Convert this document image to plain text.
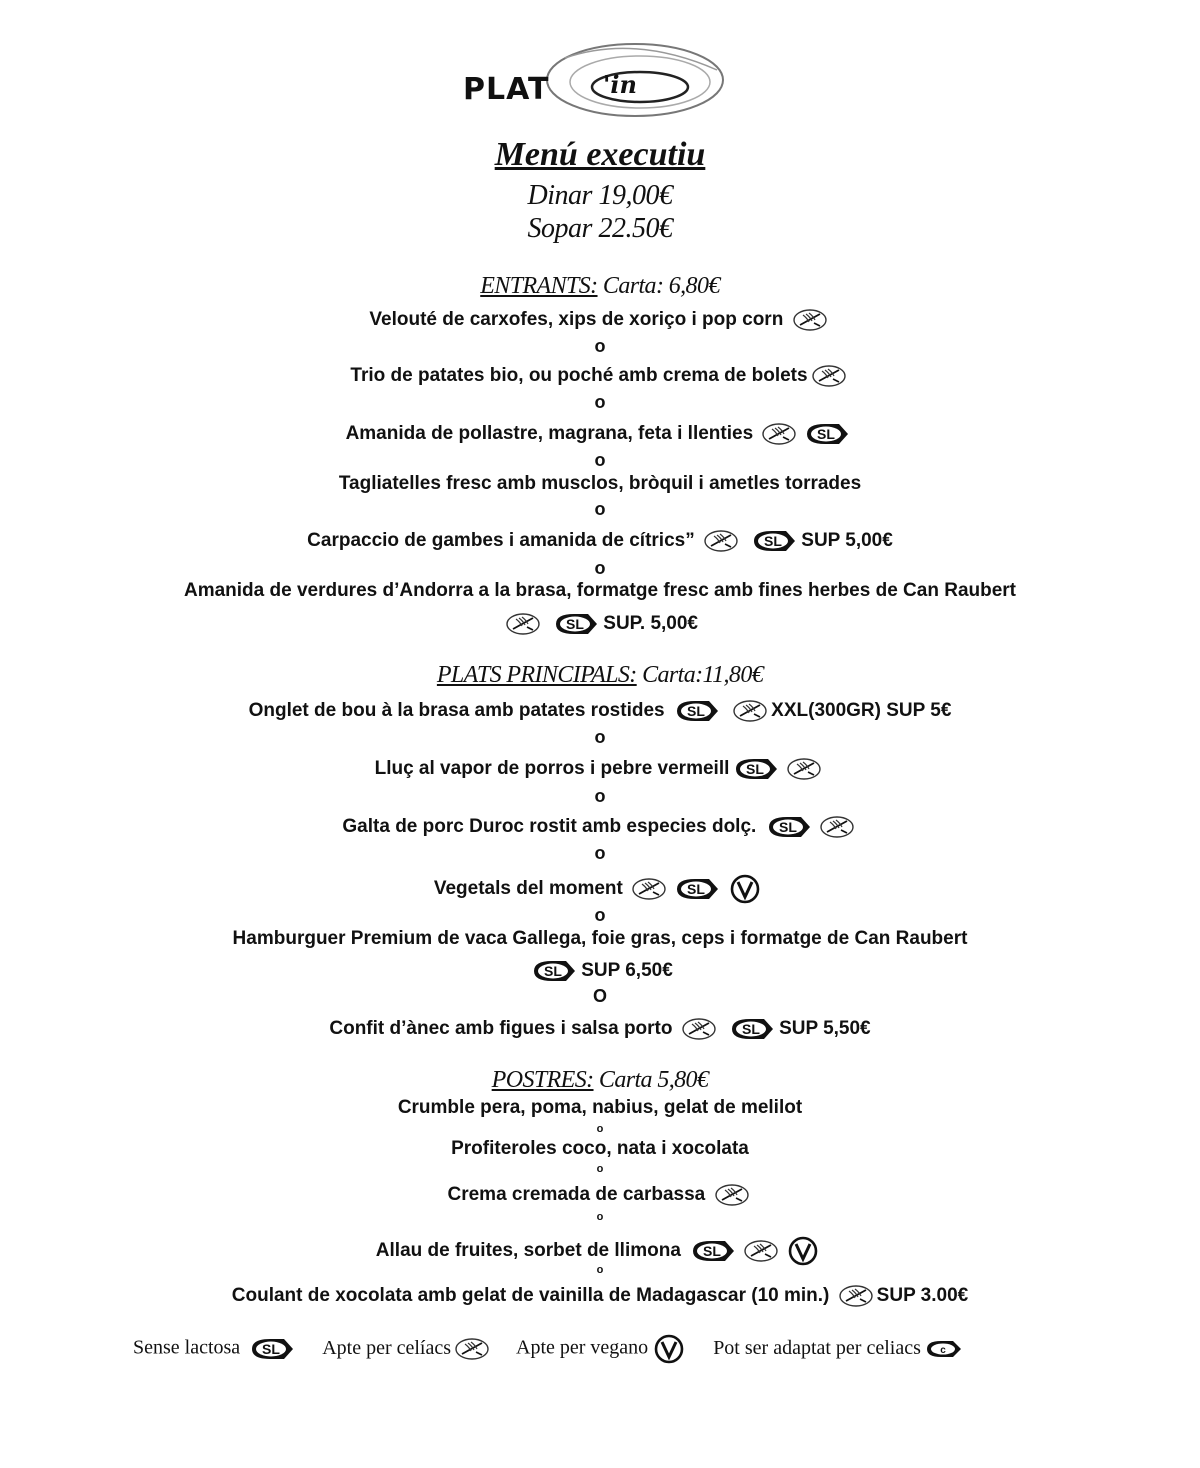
PLAT 'in
Menú executiu
Dinar 19,00€
Sopar 22.50€
ENTRANTS: Carta: 6,80€
Velouté de carxofes, xips de xoriço i pop corn
o
Trio de patates bio, ou poché amb crema de bolets
o
Amanida de pollastre, magrana, feta i llenties	SL
o
Tagliatelles fresc amb musclos, bròquil i ametles torrades
o
Carpaccio de gambes i amanida de cítrics”
	SL SUP 5,00€
o
Amanida de verdures d’Andorra a la brasa, formatge fresc amb fines herbes de Can Raubert

SL SUP. 5,00€
PLATS PRINCIPALS: Carta:11,80€
Onglet de bou à la brasa amb patates rostides SL
	XXL(300GR) SUP 5€
o
Lluç al vapor de porros i pebre vermeill SL
o
Galta de porc Duroc rostit amb especies dolç. SL
o
Vegetals del moment	SL
o
Hamburguer Premium de vaca Gallega, foie gras, ceps i formatge de Can Raubert
SL SUP 6,50€
O
Confit d’ànec amb figues i salsa porto
	SL SUP 5,50€
POSTRES: Carta 5,80€
Crumble pera, poma, nabius, gelat de melilot
o
Profiteroles coco, nata i xocolata
o
Crema cremada de carbassa
o
Allau de fruites, sorbet de llimona SL
o
Coulant de xocolata amb gelat de vainilla de Madagascar (10 min.) SUP 3.00€
Sense lactosa SL Apte per celíacs	Apte per vegano	Pot ser adaptat per celiacs c
